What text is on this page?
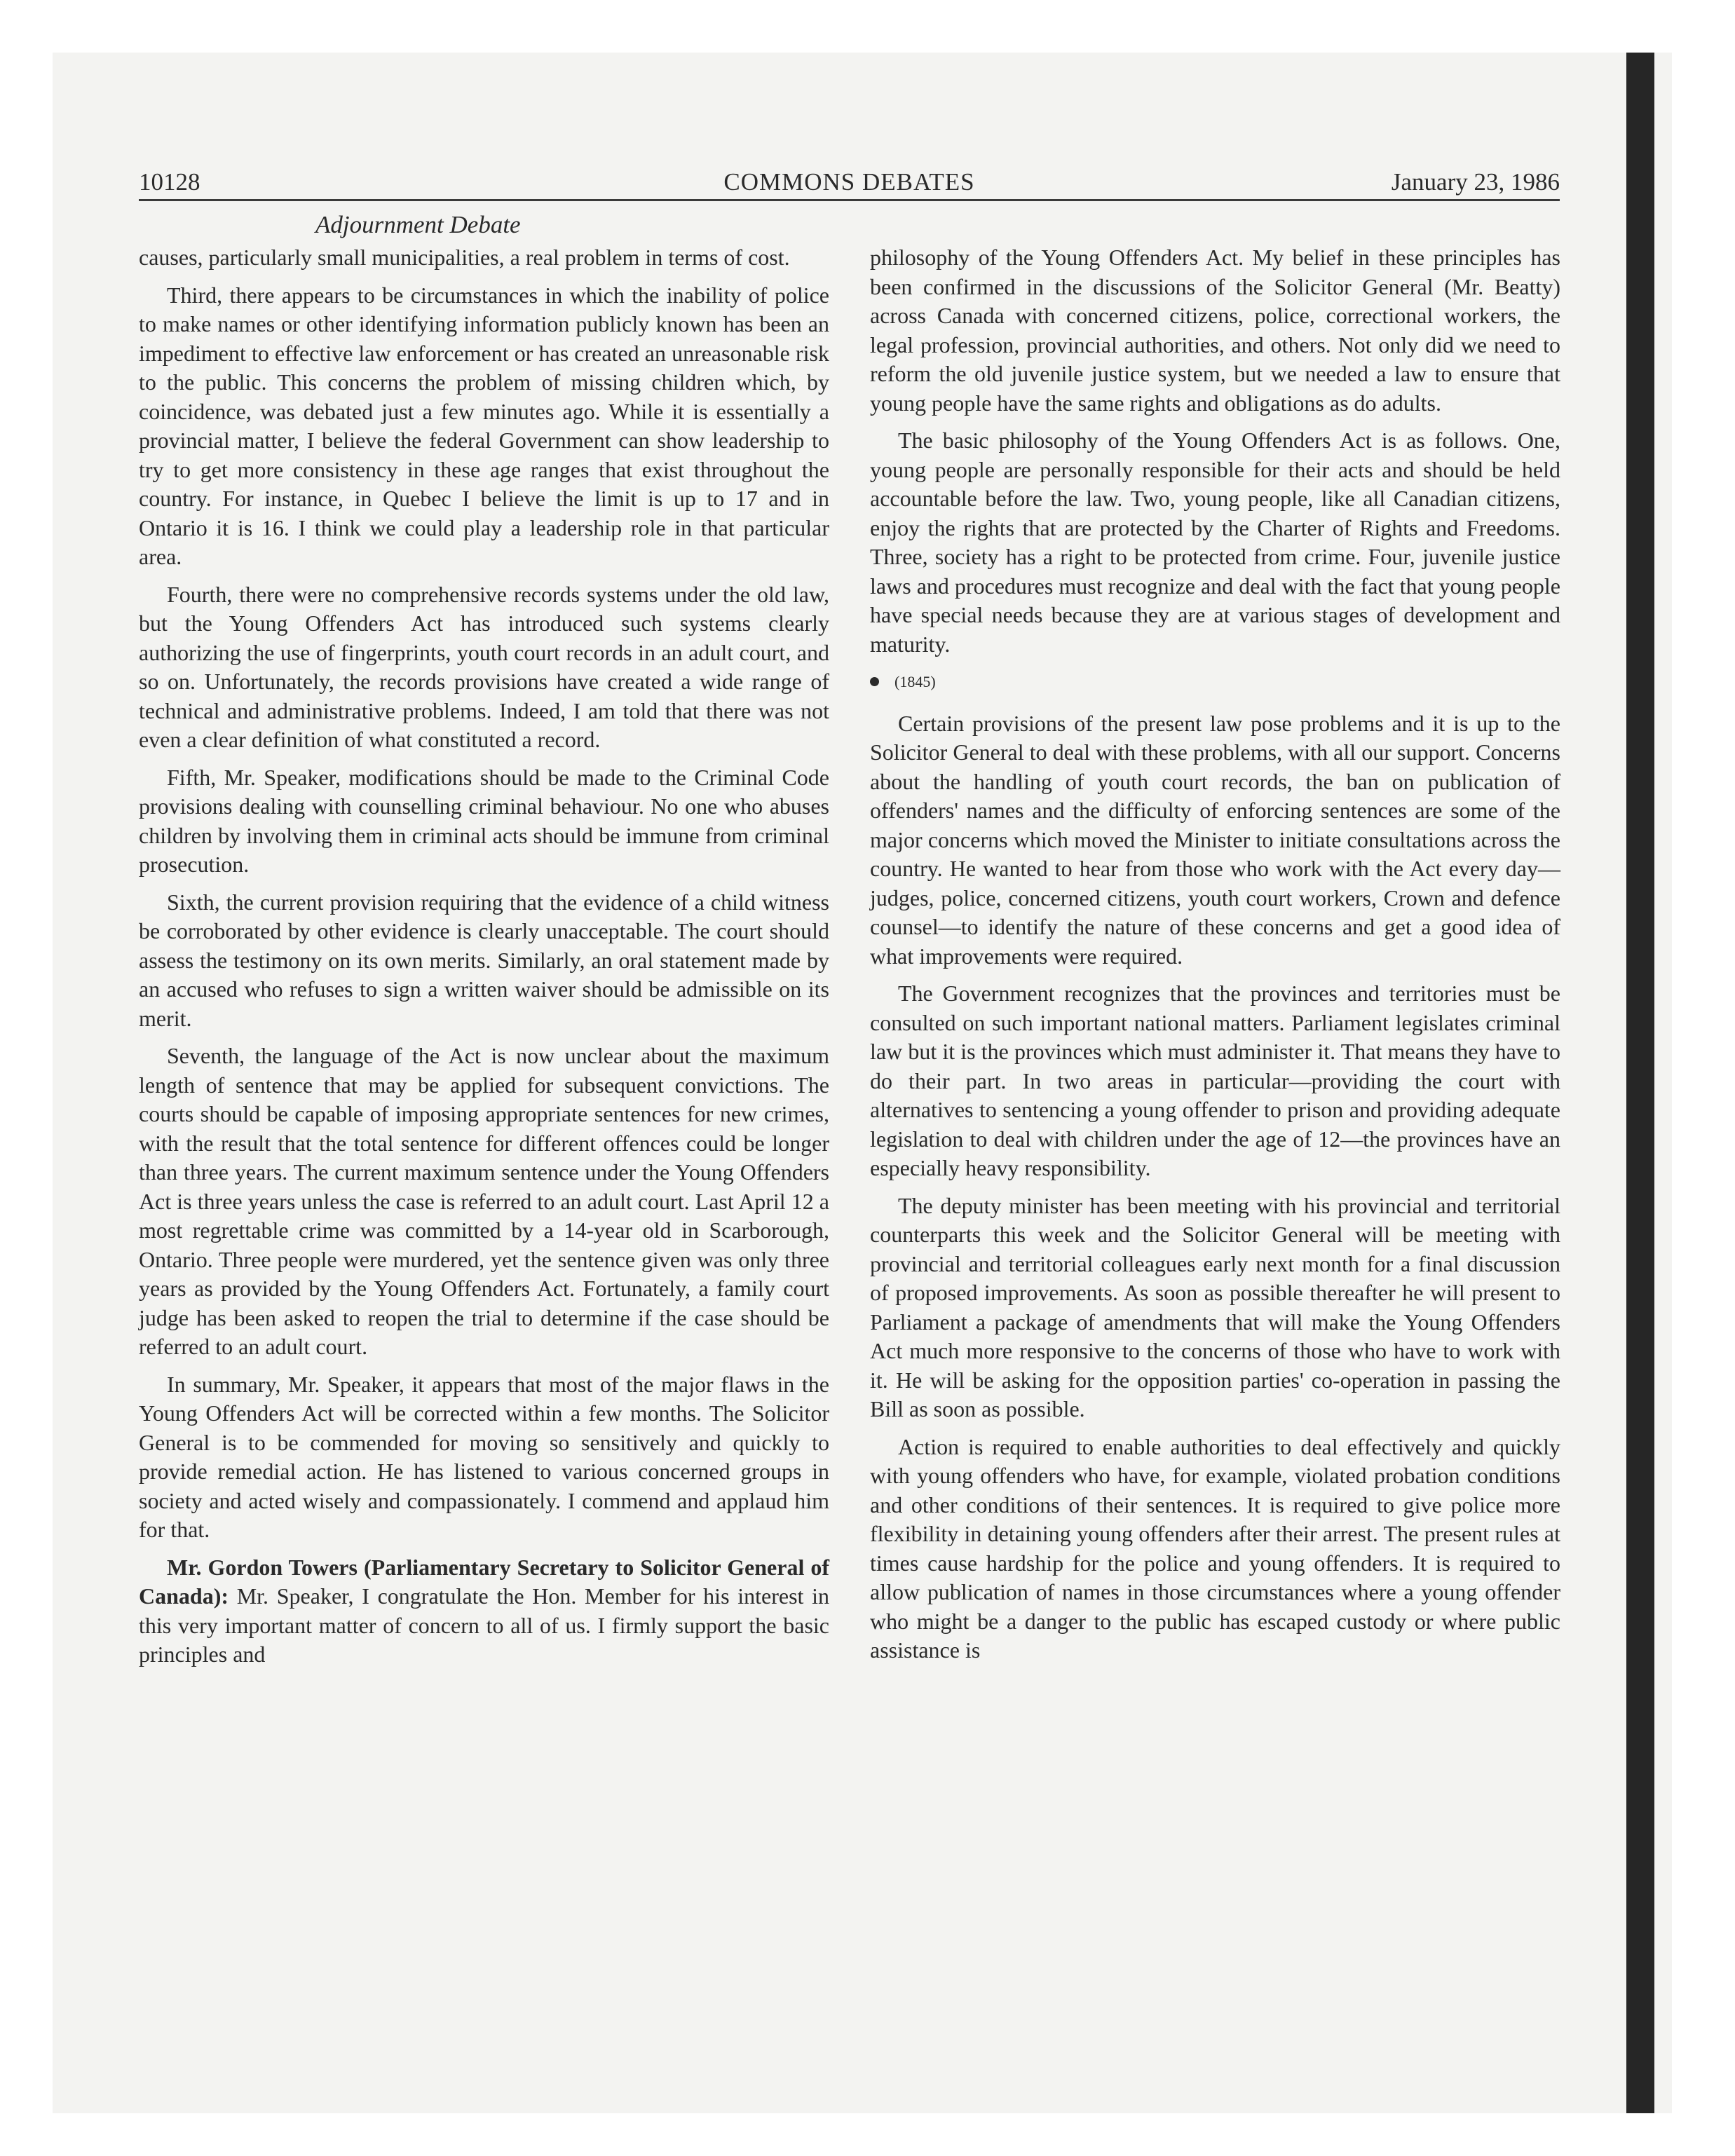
10128	COMMONS DEBATES	January 23, 1986
Adjournment Debate

causes, particularly small municipalities, a real problem in terms of cost.

Third, there appears to be circumstances in which the inability of police to make names or other identifying information publicly known has been an impediment to effective law enforcement or has created an unreasonable risk to the public. This concerns the problem of missing children which, by coincidence, was debated just a few minutes ago. While it is essentially a provincial matter, I believe the federal Government can show leadership to try to get more consistency in these age ranges that exist throughout the country. For instance, in Quebec I believe the limit is up to 17 and in Ontario it is 16. I think we could play a leadership role in that particular area.

Fourth, there were no comprehensive records systems under the old law, but the Young Offenders Act has introduced such systems clearly authorizing the use of fingerprints, youth court records in an adult court, and so on. Unfortunately, the records provisions have created a wide range of technical and administrative problems. Indeed, I am told that there was not even a clear definition of what constituted a record.

Fifth, Mr. Speaker, modifications should be made to the Criminal Code provisions dealing with counselling criminal behaviour. No one who abuses children by involving them in criminal acts should be immune from criminal prosecution.

Sixth, the current provision requiring that the evidence of a child witness be corroborated by other evidence is clearly unacceptable. The court should assess the testimony on its own merits. Similarly, an oral statement made by an accused who refuses to sign a written waiver should be admissible on its merit.

Seventh, the language of the Act is now unclear about the maximum length of sentence that may be applied for subsequent convictions. The courts should be capable of imposing appropriate sentences for new crimes, with the result that the total sentence for different offences could be longer than three years. The current maximum sentence under the Young Offenders Act is three years unless the case is referred to an adult court. Last April 12 a most regrettable crime was committed by a 14-year old in Scarborough, Ontario. Three people were murdered, yet the sentence given was only three years as provided by the Young Offenders Act. Fortunately, a family court judge has been asked to reopen the trial to determine if the case should be referred to an adult court.

In summary, Mr. Speaker, it appears that most of the major flaws in the Young Offenders Act will be corrected within a few months. The Solicitor General is to be commended for moving so sensitively and quickly to provide remedial action. He has listened to various concerned groups in society and acted wisely and compassionately. I commend and applaud him for that.

Mr. Gordon Towers (Parliamentary Secretary to Solicitor General of Canada): Mr. Speaker, I congratulate the Hon. Member for his interest in this very important matter of concern to all of us. I firmly support the basic principles and

philosophy of the Young Offenders Act. My belief in these principles has been confirmed in the discussions of the Solicitor General (Mr. Beatty) across Canada with concerned citizens, police, correctional workers, the legal profession, provincial authorities, and others. Not only did we need to reform the old juvenile justice system, but we needed a law to ensure that young people have the same rights and obligations as do adults.

The basic philosophy of the Young Offenders Act is as follows. One, young people are personally responsible for their acts and should be held accountable before the law. Two, young people, like all Canadian citizens, enjoy the rights that are protected by the Charter of Rights and Freedoms. Three, society has a right to be protected from crime. Four, juvenile justice laws and procedures must recognize and deal with the fact that young people have special needs because they are at various stages of development and maturity.

(1845)

Certain provisions of the present law pose problems and it is up to the Solicitor General to deal with these problems, with all our support. Concerns about the handling of youth court records, the ban on publication of offenders' names and the difficulty of enforcing sentences are some of the major concerns which moved the Minister to initiate consultations across the country. He wanted to hear from those who work with the Act every day—judges, police, concerned citizens, youth court workers, Crown and defence counsel—to identify the nature of these concerns and get a good idea of what improvements were required.

The Government recognizes that the provinces and territories must be consulted on such important national matters. Parliament legislates criminal law but it is the provinces which must administer it. That means they have to do their part. In two areas in particular—providing the court with alternatives to sentencing a young offender to prison and providing adequate legislation to deal with children under the age of 12—the provinces have an especially heavy responsibility.

The deputy minister has been meeting with his provincial and territorial counterparts this week and the Solicitor General will be meeting with provincial and territorial colleagues early next month for a final discussion of proposed improvements. As soon as possible thereafter he will present to Parliament a package of amendments that will make the Young Offenders Act much more responsive to the concerns of those who have to work with it. He will be asking for the opposition parties' co-operation in passing the Bill as soon as possible.

Action is required to enable authorities to deal effectively and quickly with young offenders who have, for example, violated probation conditions and other conditions of their sentences. It is required to give police more flexibility in detaining young offenders after their arrest. The present rules at times cause hardship for the police and young offenders. It is required to allow publication of names in those circumstances where a young offender who might be a danger to the public has escaped custody or where public assistance is
